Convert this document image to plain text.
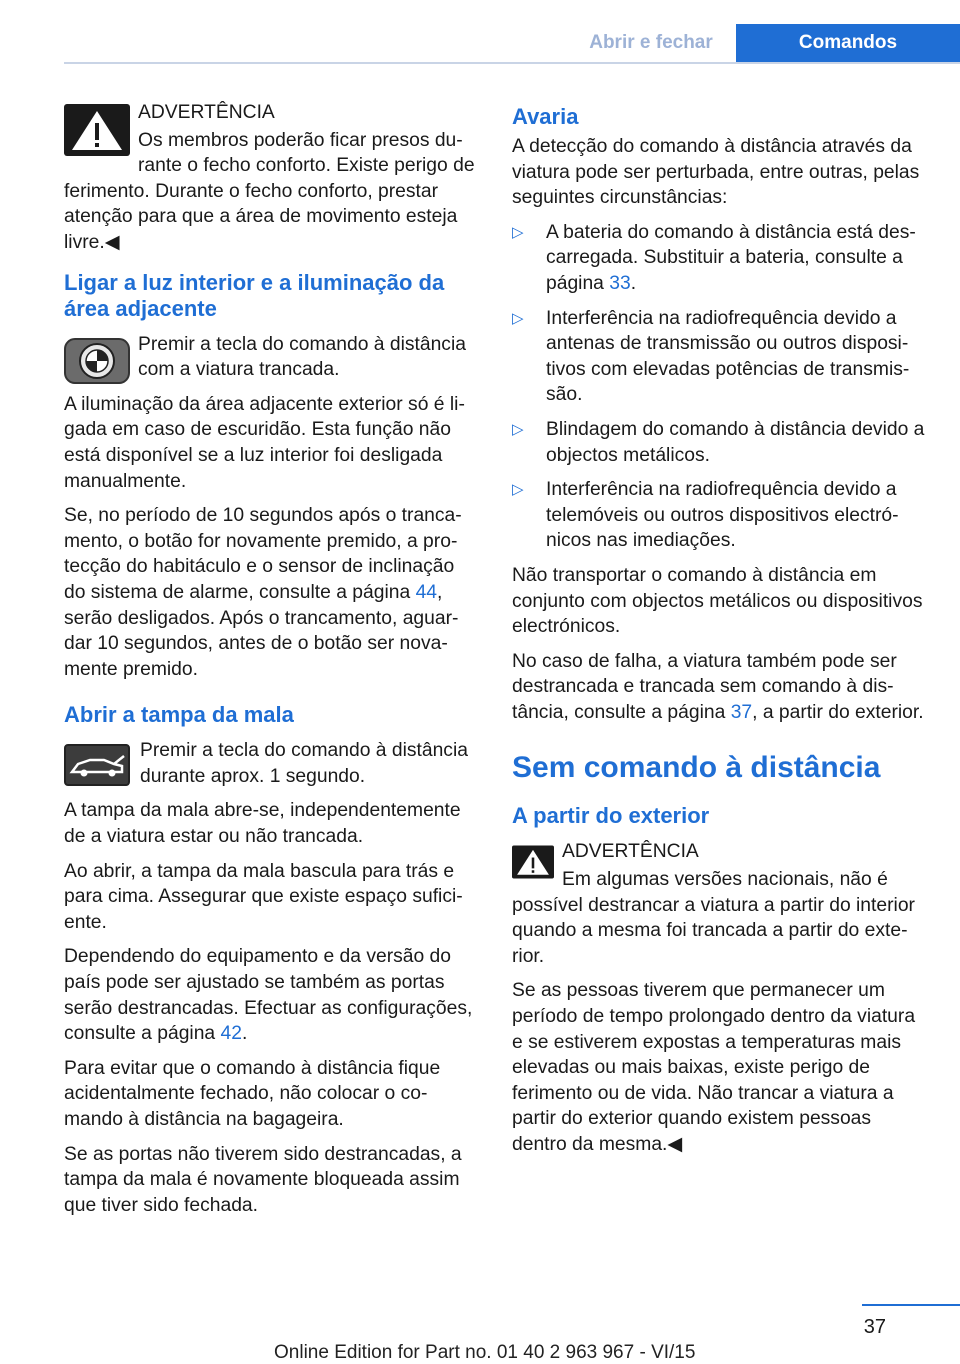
Abrir e fechar	Comandos

ADVERTÊNCIA

Os membros poderão ficar presos durante o fecho conforto. Existe perigo de ferimento. Durante o fecho conforto, prestar atenção para que a área de movimento esteja livre.◀

Ligar a luz interior e a iluminação da área adjacente

Premir a tecla do comando à distância com a viatura trancada.

A iluminação da área adjacente exterior só é ligada em caso de escuridão. Esta função não está disponível se a luz interior foi desligada manualmente.

Se, no período de 10 segundos após o trancamento, o botão for novamente premido, a protecção do habitáculo e o sensor de inclinação do sistema de alarme, consulte a página 44, serão desligados. Após o trancamento, aguardar 10 segundos, antes de o botão ser novamente premido.

Abrir a tampa da mala

Premir a tecla do comando à distância durante aprox. 1 segundo.

A tampa da mala abre-se, independentemente de a viatura estar ou não trancada.

Ao abrir, a tampa da mala bascula para trás e para cima. Assegurar que existe espaço suficiente.

Dependendo do equipamento e da versão do país pode ser ajustado se também as portas serão destrancadas. Efectuar as configurações, consulte a página 42.

Para evitar que o comando à distância fique acidentalmente fechado, não colocar o comando à distância na bagageira.

Se as portas não tiverem sido destrancadas, a tampa da mala é novamente bloqueada assim que tiver sido fechada.

Avaria

A detecção do comando à distância através da viatura pode ser perturbada, entre outras, pelas seguintes circunstâncias:

▷ A bateria do comando à distância está descarregada. Substituir a bateria, consulte a página 33.
▷ Interferência na radiofrequência devido a antenas de transmissão ou outros dispositivos com elevadas potências de transmissão.
▷ Blindagem do comando à distância devido a objectos metálicos.
▷ Interferência na radiofrequência devido a telemóveis ou outros dispositivos electrónicos nas imediações.

Não transportar o comando à distância em conjunto com objectos metálicos ou dispositivos electrónicos.

No caso de falha, a viatura também pode ser destrancada e trancada sem comando à distância, consulte a página 37, a partir do exterior.

Sem comando à distância
A partir do exterior

ADVERTÊNCIA

Em algumas versões nacionais, não é possível destrancar a viatura a partir do interior quando a mesma foi trancada a partir do exterior.

Se as pessoas tiverem que permanecer um período de tempo prolongado dentro da viatura e se estiverem expostas a temperaturas mais elevadas ou mais baixas, existe perigo de ferimento ou de vida. Não trancar a viatura a partir do exterior quando existem pessoas dentro da mesma.◀

37
Online Edition for Part no. 01 40 2 963 967 - VI/15
